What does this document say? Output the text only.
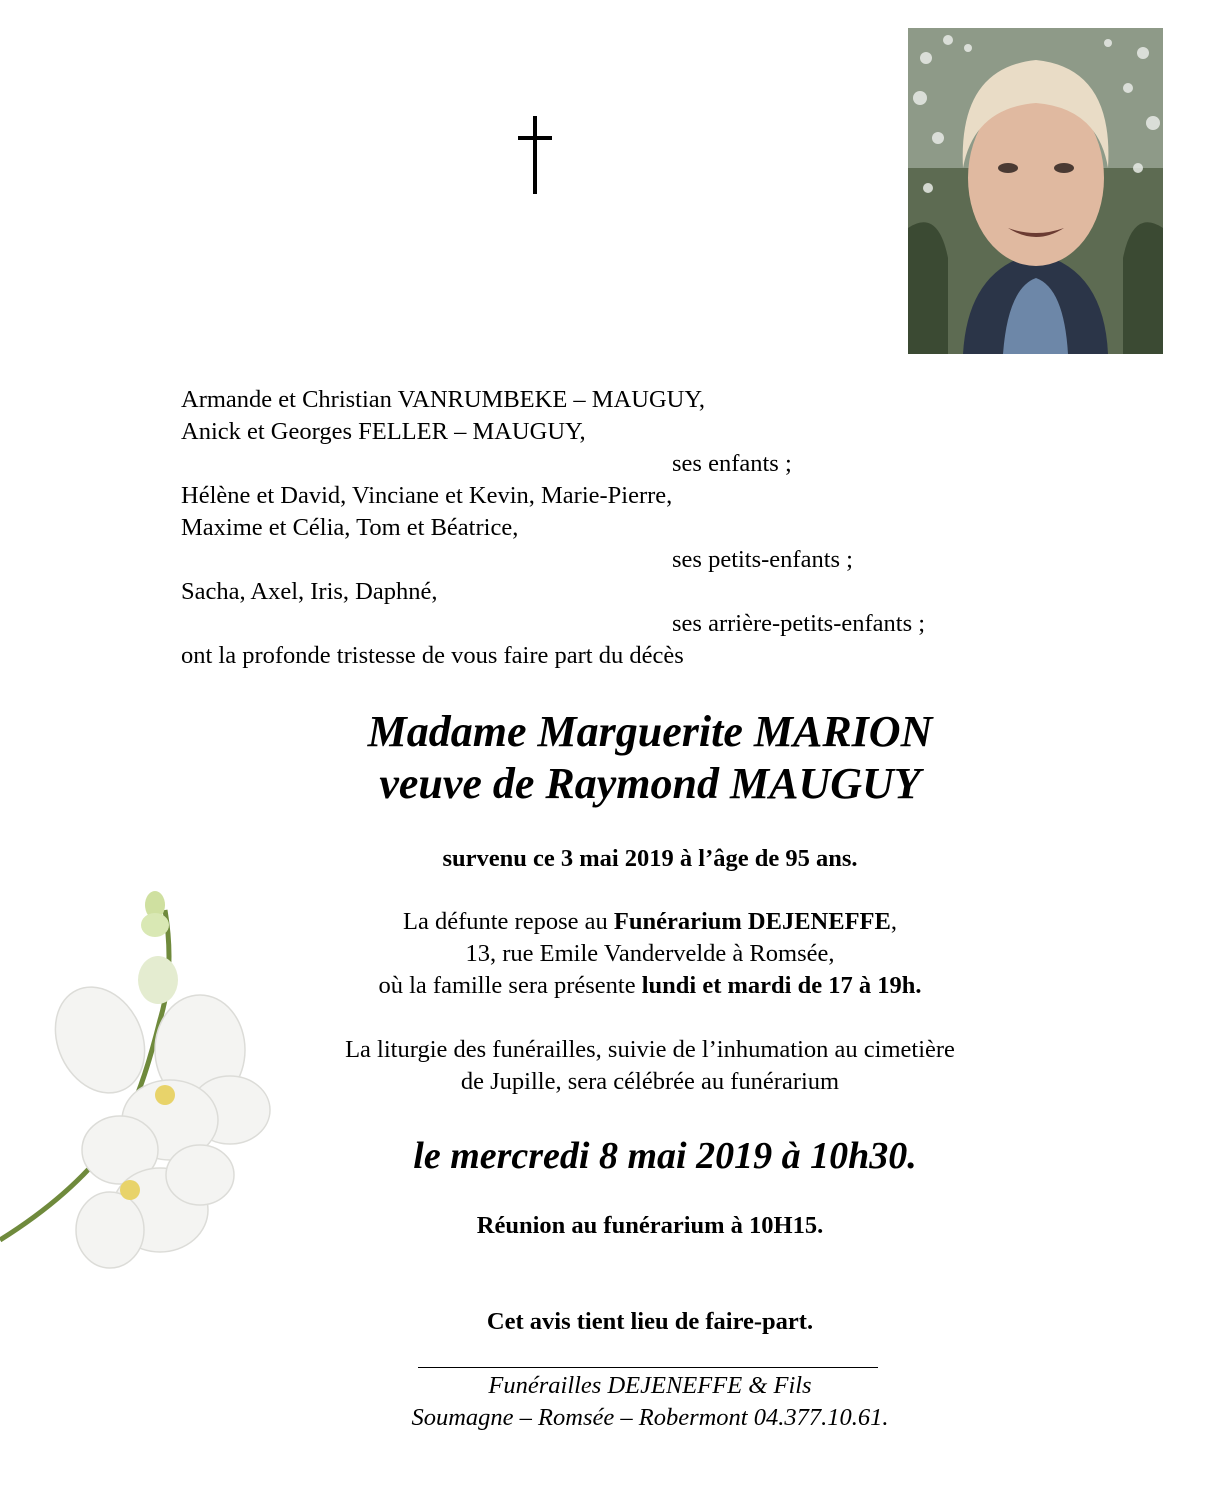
Armande et Christian VANRUMBEKE – MAUGUY,
Anick et Georges FELLER – MAUGUY,
ses enfants ;
Hélène et David, Vinciane et Kevin, Marie-Pierre,
Maxime et Célia, Tom et Béatrice,
ses petits-enfants ;
Sacha, Axel, Iris, Daphné,
ses arrière-petits-enfants ;
ont la profonde tristesse de vous faire part du décès
Madame Marguerite MARION
veuve de Raymond MAUGUY
survenu ce 3 mai 2019 à l’âge de 95 ans.
La défunte repose au Funérarium DEJENEFFE,
13, rue Emile Vandervelde à Romsée,
où la famille sera présente lundi et mardi de 17 à 19h.
La liturgie des funérailles, suivie de l’inhumation au cimetière
de Jupille, sera célébrée au funérarium
le mercredi 8 mai 2019 à 10h30.
Réunion au funérarium à 10H15.
Cet avis tient lieu de faire-part.
Funérailles DEJENEFFE & Fils
Soumagne – Romsée – Robermont 04.377.10.61.
